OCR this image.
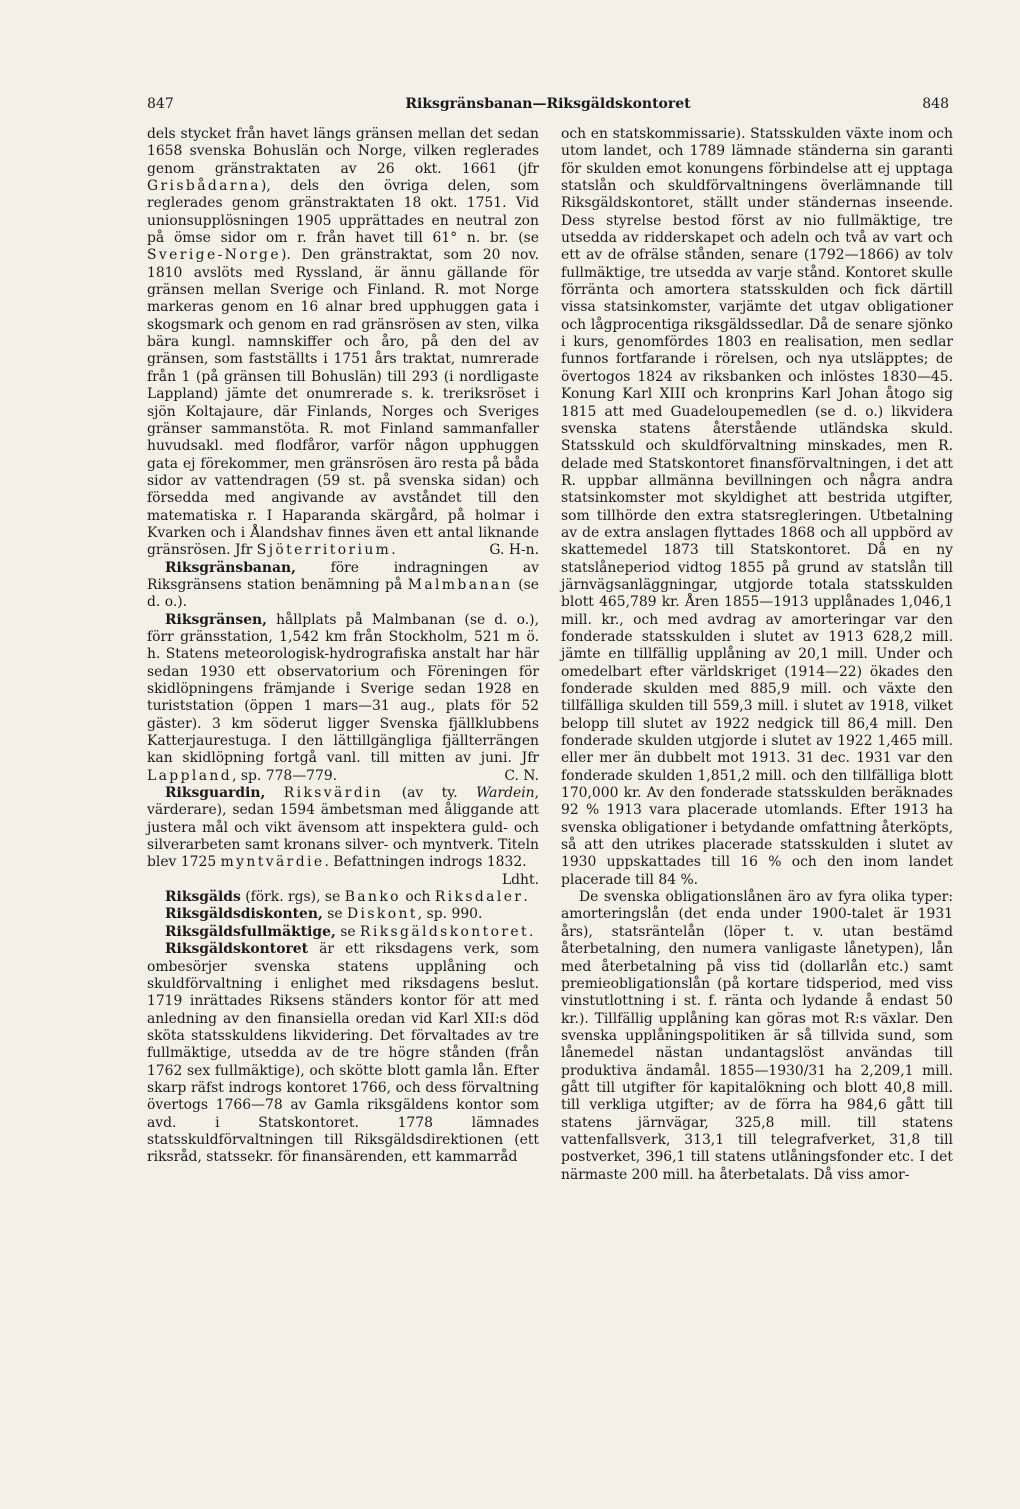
847	Riksgränsbanan—Riksgäldskontoret	848

dels stycket från havet längs gränsen mellan det sedan 1658 svenska Bohuslän och Norge, vilken reglerades genom gränstraktaten av 26 okt. 1661 (jfr Grisbådarna), dels den övriga delen, som reglerades genom gränstraktaten 18 okt. 1751. Vid unionsupplösningen 1905 upprättades en neutral zon på ömse sidor om r. från havet till 61° n. br. (se Sverige-Norge). Den gränstraktat, som 20 nov. 1810 avslöts med Ryssland, är ännu gällande för gränsen mellan Sverige och Finland. R. mot Norge markeras genom en 16 alnar bred upphuggen gata i skogsmark och genom en rad gränsrösen av sten, vilka bära kungl. namnskiffer och åro, på den del av gränsen, som fastställts i 1751 års traktat, numrerade från 1 (på gränsen till Bohuslän) till 293 (i nordligaste Lappland) jämte det onumrerade s. k. treriksröset i sjön Koltajaure, där Finlands, Norges och Sveriges gränser sammanstöta. R. mot Finland sammanfaller huvudsakl. med flodfåror, varför någon upphuggen gata ej förekommer, men gränsrösen äro resta på båda sidor av vattendragen (59 st. på svenska sidan) och försedda med angivande av avståndet till den matematiska r. I Haparanda skärgård, på holmar i Kvarken och i Ålandshav finnes även ett antal liknande gränsrösen. Jfr Sjöterritorium.	G. H-n.

Riksgränsbanan, före indragningen av Riksgränsens station benämning på Malmbanan (se d. o.).

Riksgränsen, hållplats på Malmbanan (se d. o.), förr gränsstation, 1,542 km från Stockholm, 521 m ö. h. Statens meteorologisk-hydrografiska anstalt har här sedan 1930 ett observatorium och Föreningen för skidlöpningens främjande i Sverige sedan 1928 en turiststation (öppen 1 mars—31 aug., plats för 52 gäster). 3 km söderut ligger Svenska fjällklubbens Katterjaurestuga. I den lättillgängliga fjällterrängen kan skidlöpning fortgå vanl. till mitten av juni. Jfr Lappland, sp. 778—779.	C. N.

Riksguardin, Riksvärdin (av ty. Wardein, värderare), sedan 1594 ämbetsman med åliggande att justera mål och vikt ävensom att inspektera guld- och silverarbeten samt kronans silver- och myntverk. Titeln blev 1725 myntvärdie. Befattningen indrogs 1832.
Ldht.

Riksgälds (förk. rgs), se Banko och Riksdaler.

Riksgäldsdiskonten, se Diskont, sp. 990.

Riksgäldsfullmäktige, se Riksgäldskontoret.

Riksgäldskontoret är ett riksdagens verk, som ombesörjer svenska statens upplåning och skuldförvaltning i enlighet med riksdagens beslut. 1719 inrättades Riksens ständers kontor för att med anledning av den finansiella oredan vid Karl XII:s död sköta statsskuldens likvidering. Det förvaltades av tre fullmäktige, utsedda av de tre högre stånden (från 1762 sex fullmäktige), och skötte blott gamla lån. Efter skarp räfst indrogs kontoret 1766, och dess förvaltning övertogs 1766—78 av Gamla riksgäldens kontor som avd. i Statskontoret. 1778 lämnades statsskuldförvaltningen till Riksgäldsdirektionen (ett riksråd, statssekr. för finansärenden, ett kammarråd

och en statskommissarie). Statsskulden växte inom och utom landet, och 1789 lämnade ständerna sin garanti för skulden emot konungens förbindelse att ej upptaga statslån och skuldförvaltningens överlämnande till Riksgäldskontoret, ställt under ständernas inseende. Dess styrelse bestod först av nio fullmäktige, tre utsedda av ridderskapet och adeln och två av vart och ett av de ofrälse stånden, senare (1792—1866) av tolv fullmäktige, tre utsedda av varje stånd. Kontoret skulle förränta och amortera statsskulden och fick därtill vissa statsinkomster, varjämte det utgav obligationer och lågprocentiga riksgäldssedlar. Då de senare sjönko i kurs, genomfördes 1803 en realisation, men sedlar funnos fortfarande i rörelsen, och nya utsläpptes; de övertogos 1824 av riksbanken och inlöstes 1830—45. Konung Karl XIII och kronprins Karl Johan åtogo sig 1815 att med Guadeloupemedlen (se d. o.) likvidera svenska statens återstående utländska skuld. Statsskuld och skuldförvaltning minskades, men R. delade med Statskontoret finansförvaltningen, i det att R. uppbar allmänna bevillningen och några andra statsinkomster mot skyldighet att bestrida utgifter, som tillhörde den extra statsregleringen. Utbetalning av de extra anslagen flyttades 1868 och all uppbörd av skattemedel 1873 till Statskontoret. Då en ny statslåneperiod vidtog 1855 på grund av statslån till järnvägsanläggningar, utgjorde totala statsskulden blott 465,789 kr. Åren 1855—1913 upplånades 1,046,1 mill. kr., och med avdrag av amorteringar var den fonderade statsskulden i slutet av 1913 628,2 mill. jämte en tillfällig upplåning av 20,1 mill. Under och omedelbart efter världskriget (1914—22) ökades den fonderade skulden med 885,9 mill. och växte den tillfälliga skulden till 559,3 mill. i slutet av 1918, vilket belopp till slutet av 1922 nedgick till 86,4 mill. Den fonderade skulden utgjorde i slutet av 1922 1,465 mill. eller mer än dubbelt mot 1913. 31 dec. 1931 var den fonderade skulden 1,851,2 mill. och den tillfälliga blott 170,000 kr. Av den fonderade statsskulden beräknades 92 % 1913 vara placerade utomlands. Efter 1913 ha svenska obligationer i betydande omfattning återköpts, så att den utrikes placerade statsskulden i slutet av 1930 uppskattades till 16 % och den inom landet placerade till 84 %.

De svenska obligationslånen äro av fyra olika typer: amorteringslån (det enda under 1900-talet är 1931 års), statsräntelån (löper t. v. utan bestämd återbetalning, den numera vanligaste lånetypen), lån med återbetalning på viss tid (dollarlån etc.) samt premieobligationslån (på kortare tidsperiod, med viss vinstutlottning i st. f. ränta och lydande å endast 50 kr.). Tillfällig upplåning kan göras mot R:s växlar. Den svenska upplåningspolitiken är så tillvida sund, som lånemedel nästan undantagslöst användas till produktiva ändamål. 1855—1930/31 ha 2,209,1 mill. gått till utgifter för kapitalökning och blott 40,8 mill. till verkliga utgifter; av de förra ha 984,6 gått till statens järnvägar, 325,8 mill. till statens vattenfallsverk, 313,1 till telegrafverket, 31,8 till postverket, 396,1 till statens utlåningsfonder etc. I det närmaste 200 mill. ha återbetalats. Då viss amor-
